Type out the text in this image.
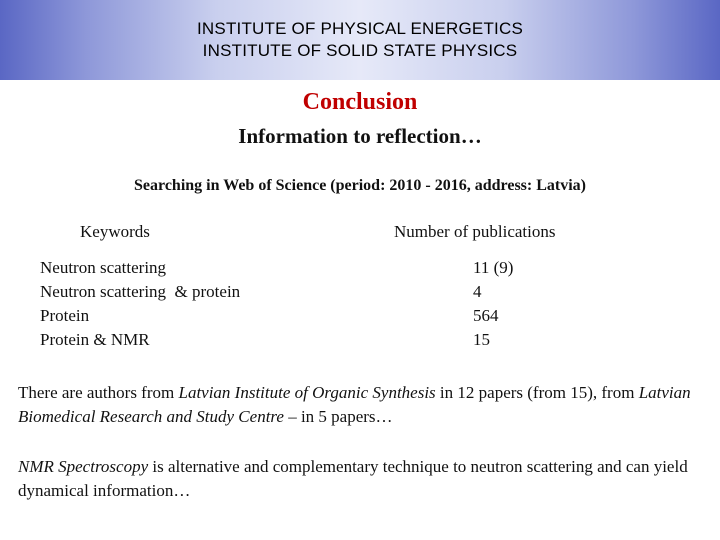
INSTITUTE OF PHYSICAL ENERGETICS
INSTITUTE OF SOLID STATE PHYSICS
Conclusion
Information to reflection…
Searching in Web of Science (period: 2010 - 2016, address: Latvia)
Keywords	Number of publications
Neutron scattering
Neutron scattering  & protein
Protein
Protein & NMR
11 (9)
4
564
15
There are authors from Latvian Institute of Organic Synthesis in 12 papers (from 15), from Latvian Biomedical Research and Study Centre – in 5 papers…
NMR Spectroscopy is alternative and complementary technique to neutron scattering and can yield dynamical information…
